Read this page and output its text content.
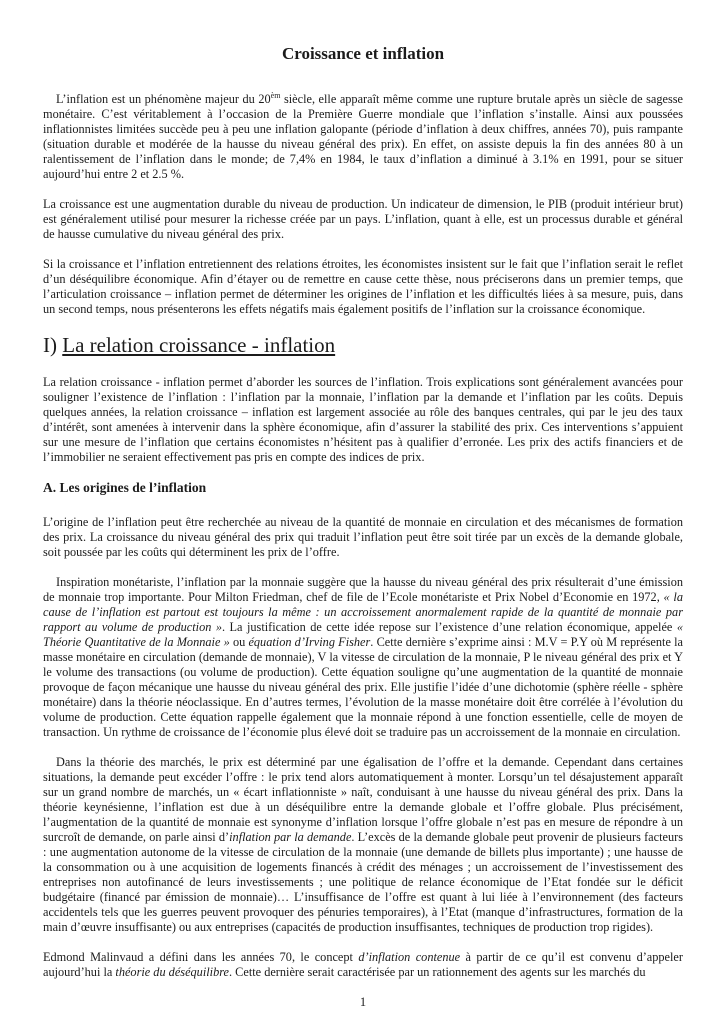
Croissance et inflation

L’inflation est un phénomène majeur du $20^{èm}$ siècle, elle apparaît même comme une rupture brutale après un siècle de sagesse monétaire. C’est véritablement à l’occasion de la Première Guerre mondiale que l’inflation s’installe. Ainsi aux poussées inflationnistes limitées succède peu à peu une inflation galopante (période d’inflation à deux chiffres, années 70), puis rampante (situation durable et modérée de la hausse du niveau général des prix). En effet, on assiste depuis la fin des années 80 à un ralentissement de l’inflation dans le monde; de 7,4% en 1984, le taux d’inflation a diminué à 3.1% en 1991, pour se situer aujourd’hui entre 2 et 2.5 %.

La croissance est une augmentation durable du niveau de production. Un indicateur de dimension, le PIB (produit intérieur brut) est généralement utilisé pour mesurer la richesse créée par un pays. L’inflation, quant à elle, est un processus durable et général de hausse cumulative du niveau général des prix.

Si la croissance et l’inflation entretiennent des relations étroites, les économistes insistent sur le fait que l’inflation serait le reflet d’un déséquilibre économique. Afin d’étayer ou de remettre en cause cette thèse, nous préciserons dans un premier temps, que l’articulation croissance – inflation permet de déterminer les origines de l’inflation et les difficultés liées à sa mesure, puis, dans un second temps, nous présenterons les effets négatifs mais également positifs de l’inflation sur la croissance économique.

I) La relation croissance - inflation

La relation croissance - inflation permet d’aborder les sources de l’inflation. Trois explications sont généralement avancées pour souligner l’existence de l’inflation : l’inflation par la monnaie, l’inflation par la demande et l’inflation par les coûts. Depuis quelques années, la relation croissance – inflation est largement associée au rôle des banques centrales, qui par le jeu des taux d’intérêt, sont amenées à intervenir dans la sphère économique, afin d’assurer la stabilité des prix. Ces interventions s’appuient sur une mesure de l’inflation que certains économistes n’hésitent pas à qualifier d’erronée. Les prix des actifs financiers et de l’immobilier ne seraient effectivement pas pris en compte des indices de prix.

A. Les origines de l’inflation

L’origine de l’inflation peut être recherchée au niveau de la quantité de monnaie en circulation et des mécanismes de formation des prix. La croissance du niveau général des prix qui traduit l’inflation peut être soit tirée par un excès de la demande globale, soit poussée par les coûts qui déterminent les prix de l’offre.

Inspiration monétariste, l’inflation par la monnaie suggère que la hausse du niveau général des prix résulterait d’une émission de monnaie trop importante. Pour Milton Friedman, chef de file de l’Ecole monétariste et Prix Nobel d’Economie en 1972, « la cause de l’inflation est partout est toujours la même : un accroissement anormalement rapide de la quantité de monnaie par rapport au volume de production ». La justification de cette idée repose sur l’existence d’une relation économique, appelée « Théorie Quantitative de la Monnaie » ou équation d’Irving Fisher. Cette dernière s’exprime ainsi : M.V = P.Y où M représente la masse monétaire en circulation (demande de monnaie), V la vitesse de circulation de la monnaie, P le niveau général des prix et Y le volume des transactions (ou volume de production). Cette équation souligne qu’une augmentation de la quantité de monnaie provoque de façon mécanique une hausse du niveau général des prix. Elle justifie l’idée d’une dichotomie (sphère réelle - sphère monétaire) dans la théorie néoclassique. En d’autres termes, l’évolution de la masse monétaire doit être corrélée à l’évolution du volume de production. Cette équation rappelle également que la monnaie répond à une fonction essentielle, celle de moyen de transaction. Un rythme de croissance de l’économie plus élevé doit se traduire pas un accroissement de la monnaie en circulation.

Dans la théorie des marchés, le prix est déterminé par une égalisation de l’offre et la demande. Cependant dans certaines situations, la demande peut excéder l’offre : le prix tend alors automatiquement à monter. Lorsqu’un tel désajustement apparaît sur un grand nombre de marchés, un « écart inflationniste » naît, conduisant à une hausse du niveau général des prix. Dans la théorie keynésienne, l’inflation est due à un déséquilibre entre la demande globale et l’offre globale. Plus précisément, l’augmentation de la quantité de monnaie est synonyme d’inflation lorsque l’offre globale n’est pas en mesure de répondre à un surcroît de demande, on parle ainsi d’inflation par la demande. L’excès de la demande globale peut provenir de plusieurs facteurs : une augmentation autonome de la vitesse de circulation de la monnaie (une demande de billets plus importante) ; une hausse de la consommation ou à une acquisition de logements financés à crédit des ménages ; un accroissement de l’investissement des entreprises non autofinancé de leurs investissements ; une politique de relance économique de l’Etat fondée sur le déficit budgétaire (financé par émission de monnaie)… L’insuffisance de l’offre est quant à lui liée à l’environnement (des facteurs accidentels tels que les guerres peuvent provoquer des pénuries temporaires), à l’Etat (manque d’infrastructures, formation de la main d’œuvre insuffisante) ou aux entreprises (capacités de production insuffisantes, techniques de production trop rigides).

Edmond Malinvaud a défini dans les années 70, le concept d’inflation contenue à partir de ce qu’il est convenu d’appeler aujourd’hui la théorie du déséquilibre. Cette dernière serait caractérisée par un rationnement des agents sur les marchés du

1
